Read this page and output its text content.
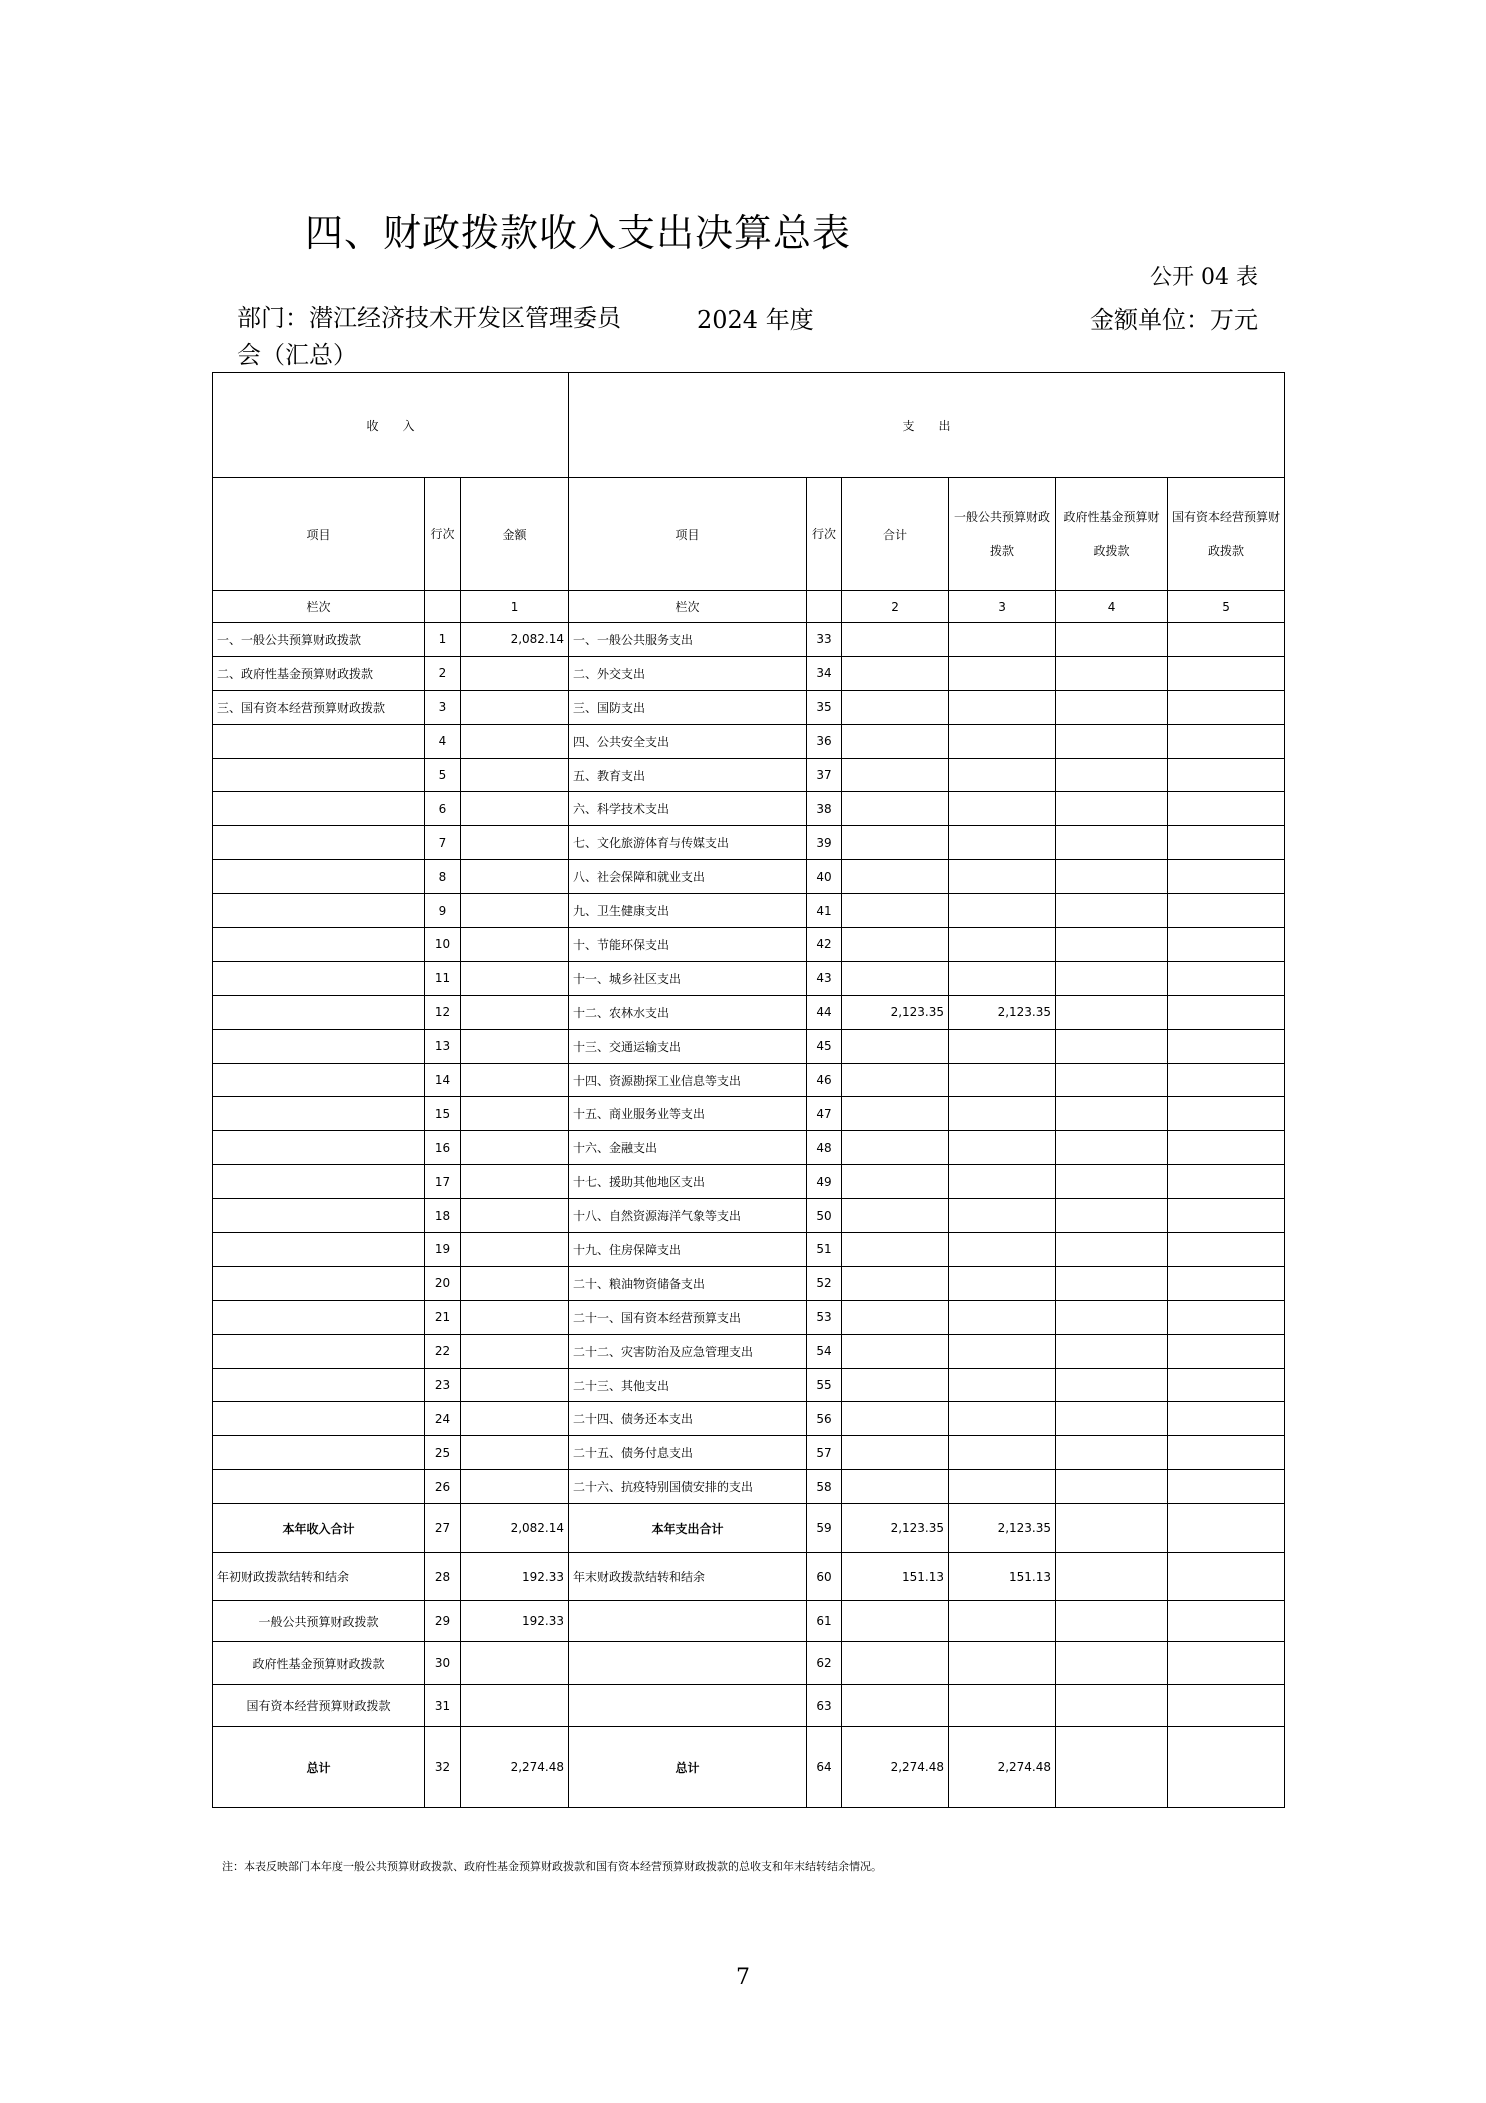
四、财政拨款收入支出决算总表
公开 04 表
部门：潜江经济技术开发区管理委员会（汇总）
2024 年度	金额单位：万元
收　　入			支　　出					
项目	行次	金额	项目	行次	合计	一般公共预算财政拨款	政府性基金预算财政拨款	国有资本经营预算财政拨款
栏次		1	栏次		2	3	4	5
一、一般公共预算财政拨款	1	2,082.14	一、一般公共服务支出	33				
二、政府性基金预算财政拨款	2		二、外交支出	34				
三、国有资本经营预算财政拨款	3		三、国防支出	35				
	4		四、公共安全支出	36				
	5		五、教育支出	37				
	6		六、科学技术支出	38				
	7		七、文化旅游体育与传媒支出	39				
	8		八、社会保障和就业支出	40				
	9		九、卫生健康支出	41				
	10		十、节能环保支出	42				
	11		十一、城乡社区支出	43				
	12		十二、农林水支出	44	2,123.35	2,123.35		
	13		十三、交通运输支出	45				
	14		十四、资源勘探工业信息等支出	46				
	15		十五、商业服务业等支出	47				
	16		十六、金融支出	48				
	17		十七、援助其他地区支出	49				
	18		十八、自然资源海洋气象等支出	50				
	19		十九、住房保障支出	51				
	20		二十、粮油物资储备支出	52				
	21		二十一、国有资本经营预算支出	53				
	22		二十二、灾害防治及应急管理支出	54				
	23		二十三、其他支出	55				
	24		二十四、债务还本支出	56				
	25		二十五、债务付息支出	57				
	26		二十六、抗疫特别国债安排的支出	58				
本年收入合计	27	2,082.14	本年支出合计	59	2,123.35	2,123.35		
年初财政拨款结转和结余	28	192.33	年末财政拨款结转和结余	60	151.13	151.13		
一般公共预算财政拨款	29	192.33		61				
政府性基金预算财政拨款	30			62				
国有资本经营预算财政拨款	31			63				
总计	32	2,274.48	总计	64	2,274.48	2,274.48		
注：本表反映部门本年度一般公共预算财政拨款、政府性基金预算财政拨款和国有资本经营预算财政拨款的总收支和年末结转结余情况。
7
